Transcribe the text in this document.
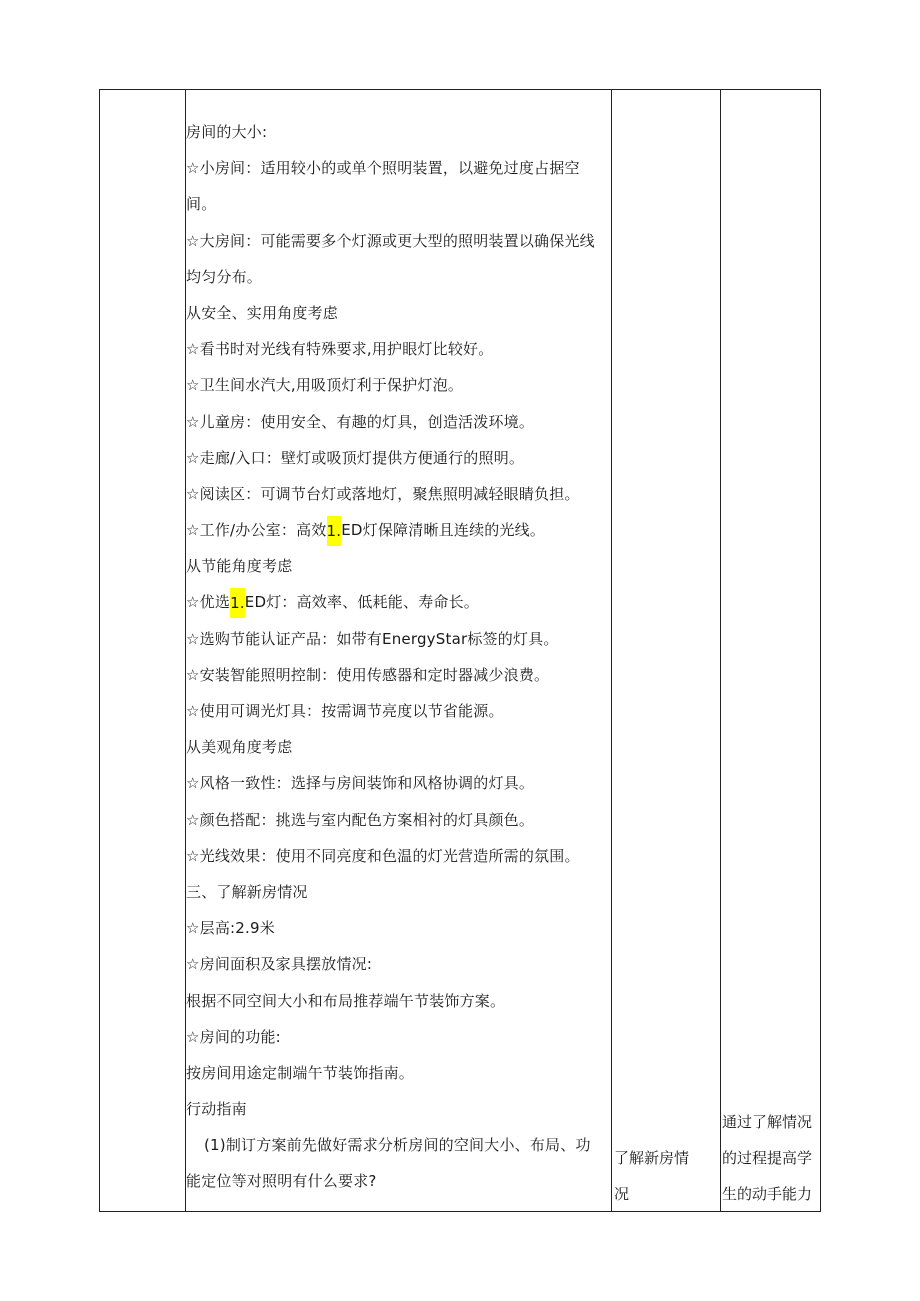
房间的大小:
☆小房间：适用较小的或单个照明装置，以避免过度占据空
间。
☆大房间：可能需要多个灯源或更大型的照明装置以确保光线
均匀分布。
从安全、实用角度考虑
☆看书时对光线有特殊要求,用护眼灯比较好。
☆卫生间水汽大,用吸顶灯利于保护灯泡。
☆儿童房：使用安全、有趣的灯具，创造活泼环境。
☆走廊/入口：壁灯或吸顶灯提供方便通行的照明。
☆阅读区：可调节台灯或落地灯，聚焦照明减轻眼睛负担。
☆工作/办公室：高效1.ED灯保障清晰且连续的光线。
从节能角度考虑
☆优选1.ED灯：高效率、低耗能、寿命长。
☆选购节能认证产品：如带有EnergyStar标签的灯具。
☆安装智能照明控制：使用传感器和定时器减少浪费。
☆使用可调光灯具：按需调节亮度以节省能源。
从美观角度考虑
☆风格一致性：选择与房间装饰和风格协调的灯具。
☆颜色搭配：挑选与室内配色方案相衬的灯具颜色。
☆光线效果：使用不同亮度和色温的灯光营造所需的氛围。
三、了解新房情况
☆层高:2.9米
☆房间面积及家具摆放情况:
根据不同空间大小和布局推荐端午节装饰方案。
☆房间的功能:
按房间用途定制端午节装饰指南。
行动指南
(1)制订方案前先做好需求分析房间的空间大小、布局、功
能定位等对照明有什么要求?
了解新房情
况
通过了解情况
的过程提高学
生的动手能力
